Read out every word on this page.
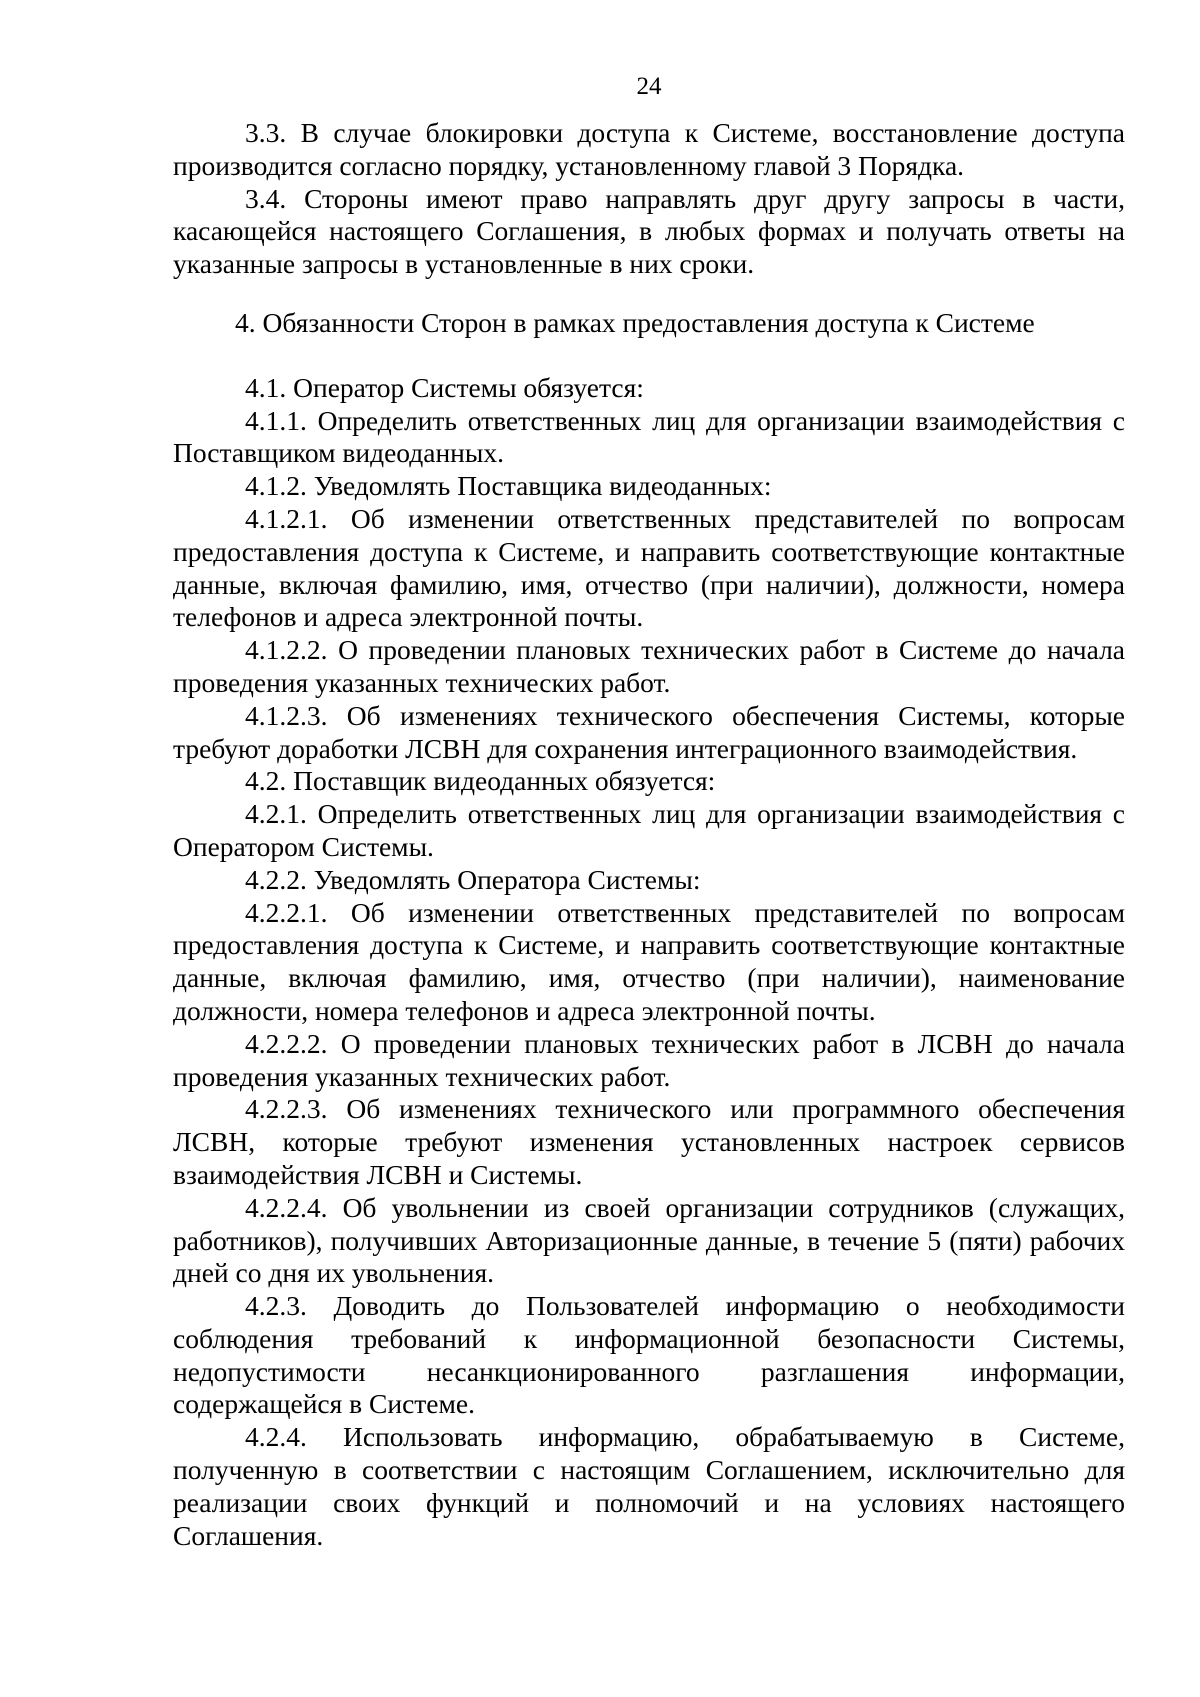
24

3.3. В случае блокировки доступа к Системе, восстановление доступа производится согласно порядку, установленному главой 3 Порядка.

3.4. Стороны имеют право направлять друг другу запросы в части, касающейся настоящего Соглашения, в любых формах и получать ответы на указанные запросы в установленные в них сроки.

4. Обязанности Сторон в рамках предоставления доступа к Системе

4.1. Оператор Системы обязуется:

4.1.1. Определить ответственных лиц для организации взаимодействия с Поставщиком видеоданных.

4.1.2. Уведомлять Поставщика видеоданных:

4.1.2.1. Об изменении ответственных представителей по вопросам предоставления доступа к Системе, и направить соответствующие контактные данные, включая фамилию, имя, отчество (при наличии), должности, номера телефонов и адреса электронной почты.

4.1.2.2. О проведении плановых технических работ в Системе до начала проведения указанных технических работ.

4.1.2.3. Об изменениях технического обеспечения Системы, которые требуют доработки ЛСВН для сохранения интеграционного взаимодействия.

4.2. Поставщик видеоданных обязуется:

4.2.1. Определить ответственных лиц для организации взаимодействия с Оператором Системы.

4.2.2. Уведомлять Оператора Системы:

4.2.2.1. Об изменении ответственных представителей по вопросам предоставления доступа к Системе, и направить соответствующие контактные данные, включая фамилию, имя, отчество (при наличии), наименование должности, номера телефонов и адреса электронной почты.

4.2.2.2. О проведении плановых технических работ в ЛСВН до начала проведения указанных технических работ.

4.2.2.3. Об изменениях технического или программного обеспечения ЛСВН, которые требуют изменения установленных настроек сервисов взаимодействия ЛСВН и Системы.

4.2.2.4. Об увольнении из своей организации сотрудников (служащих, работников), получивших Авторизационные данные, в течение 5 (пяти) рабочих дней со дня их увольнения.

4.2.3. Доводить до Пользователей информацию о необходимости соблюдения требований к информационной безопасности Системы, недопустимости несанкционированного разглашения информации, содержащейся в Системе.

4.2.4. Использовать информацию, обрабатываемую в Системе, полученную в соответствии с настоящим Соглашением, исключительно для реализации своих функций и полномочий и на условиях настоящего Соглашения.
